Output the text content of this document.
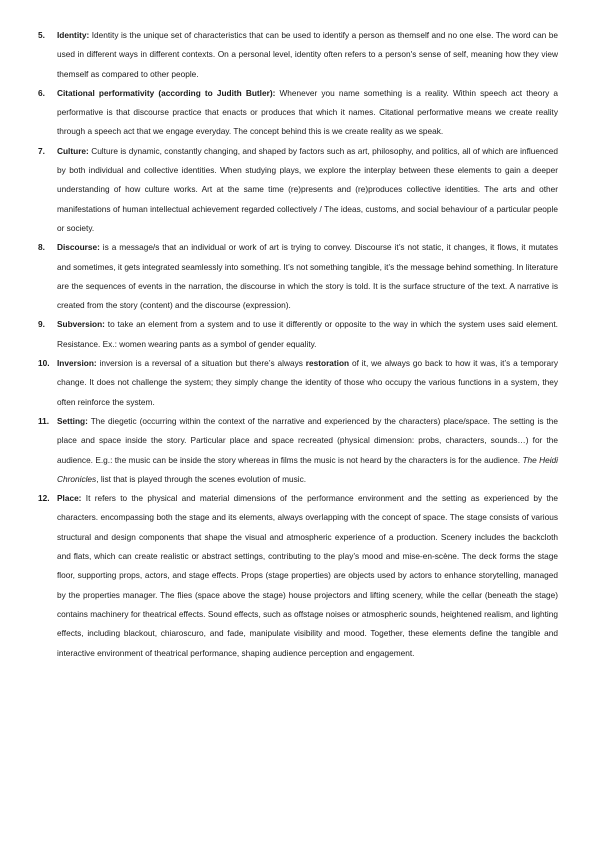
5. Identity: Identity is the unique set of characteristics that can be used to identify a person as themself and no one else. The word can be used in different ways in different contexts. On a personal level, identity often refers to a person's sense of self, meaning how they view themself as compared to other people.
6. Citational performativity (according to Judith Butler): Whenever you name something is a reality. Within speech act theory a performative is that discourse practice that enacts or produces that which it names. Citational performative means we create reality through a speech act that we engage everyday. The concept behind this is we create reality as we speak.
7. Culture: Culture is dynamic, constantly changing, and shaped by factors such as art, philosophy, and politics, all of which are influenced by both individual and collective identities. When studying plays, we explore the interplay between these elements to gain a deeper understanding of how culture works. Art at the same time (re)presents and (re)produces collective identities. The arts and other manifestations of human intellectual achievement regarded collectively / The ideas, customs, and social behaviour of a particular people or society.
8. Discourse: is a message/s that an individual or work of art is trying to convey. Discourse it’s not static, it changes, it flows, it mutates and sometimes, it gets integrated seamlessly into something. It’s not something tangible, it’s the message behind something. In literature are the sequences of events in the narration, the discourse in which the story is told. It is the surface structure of the text. A narrative is created from the story (content) and the discourse (expression).
9. Subversion: to take an element from a system and to use it differently or opposite to the way in which the system uses said element. Resistance. Ex.: women wearing pants as a symbol of gender equality.
10. Inversion: inversion is a reversal of a situation but there’s always restoration of it, we always go back to how it was, it’s a temporary change. It does not challenge the system; they simply change the identity of those who occupy the various functions in a system, they often reinforce the system.
11. Setting: The diegetic (occurring within the context of the narrative and experienced by the characters) place/space. The setting is the place and space inside the story. Particular place and space recreated (physical dimension: probs, characters, sounds…) for the audience. E.g.: the music can be inside the story whereas in films the music is not heard by the characters is for the audience. The Heidi Chronicles, list that is played through the scenes evolution of music.
12. Place: It refers to the physical and material dimensions of the performance environment and the setting as experienced by the characters. encompassing both the stage and its elements, always overlapping with the concept of space. The stage consists of various structural and design components that shape the visual and atmospheric experience of a production. Scenery includes the backcloth and flats, which can create realistic or abstract settings, contributing to the play’s mood and mise-en-scène. The deck forms the stage floor, supporting props, actors, and stage effects. Props (stage properties) are objects used by actors to enhance storytelling, managed by the properties manager. The flies (space above the stage) house projectors and lifting scenery, while the cellar (beneath the stage) contains machinery for theatrical effects. Sound effects, such as offstage noises or atmospheric sounds, heightened realism, and lighting effects, including blackout, chiaroscuro, and fade, manipulate visibility and mood. Together, these elements define the tangible and interactive environment of theatrical performance, shaping audience perception and engagement.
